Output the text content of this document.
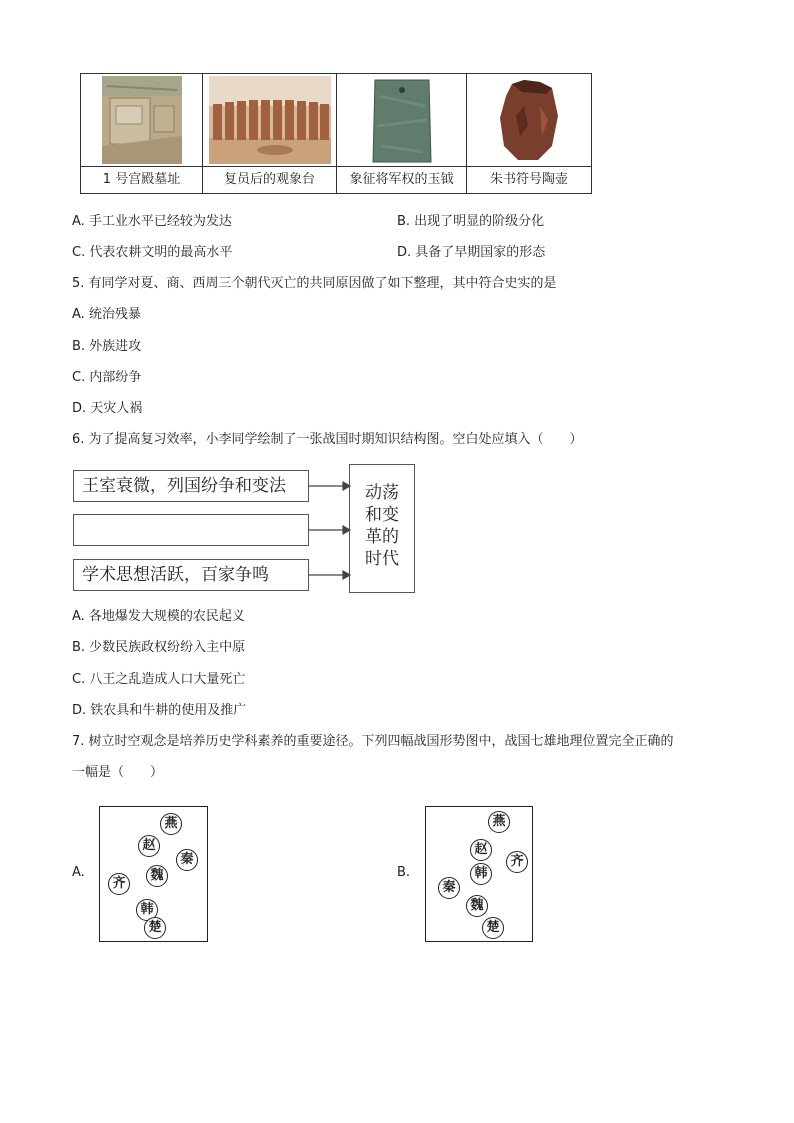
1 号宫殿墓址	复员后的观象台	象征将军权的玉钺	朱书符号陶壶
A. 手工业水平已经较为发达	B. 出现了明显的阶级分化
C. 代表农耕文明的最高水平	D. 具备了早期国家的形态
5. 有同学对夏、商、西周三个朝代灭亡的共同原因做了如下整理，其中符合史实的是
A. 统治残暴
B. 外族进攻
C. 内部纷争
D. 天灾人祸
6. 为了提高复习效率，小李同学绘制了一张战国时期知识结构图。空白处应填入（　　）
王室衰微，列国纷争和变法
学术思想活跃，百家争鸣
动荡
和变
革的
时代
A. 各地爆发大规模的农民起义
B. 少数民族政权纷纷入主中原
C. 八王之乱造成人口大量死亡
D. 铁农具和牛耕的使用及推广
7. 树立时空观念是培养历史学科素养的重要途径。下列四幅战国形势图中，战国七雄地理位置完全正确的
一幅是（　　）
A.
燕
赵
秦
齐
魏
韩
楚
B.
燕
赵
齐
韩
秦
魏
楚
